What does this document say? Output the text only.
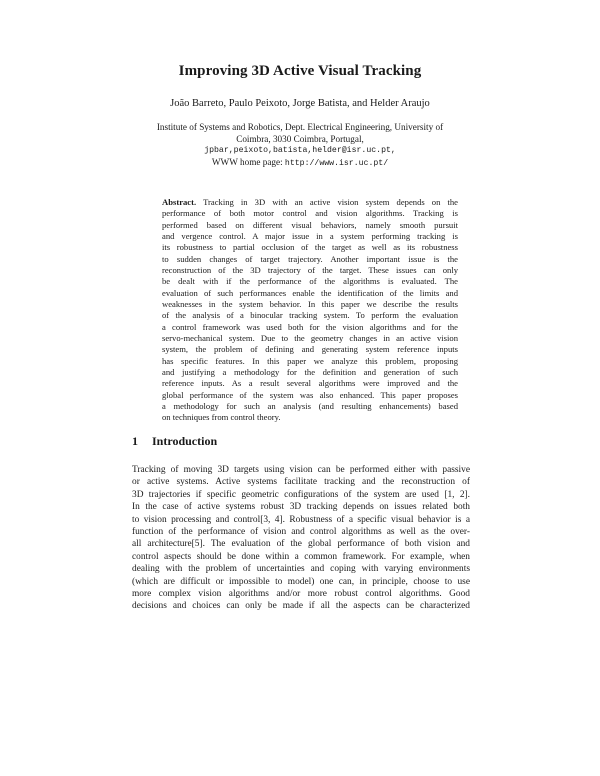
Improving 3D Active Visual Tracking
João Barreto, Paulo Peixoto, Jorge Batista, and Helder Araujo
Institute of Systems and Robotics, Dept. Electrical Engineering, University of
Coimbra, 3030 Coimbra, Portugal,
jpbar,peixoto,batista,helder@isr.uc.pt,
WWW home page: http://www.isr.uc.pt/
Abstract. Tracking in 3D with an active vision system depends on the
performance of both motor control and vision algorithms. Tracking is
performed based on different visual behaviors, namely smooth pursuit
and vergence control. A major issue in a system performing tracking is
its robustness to partial occlusion of the target as well as its robustness
to sudden changes of target trajectory. Another important issue is the
reconstruction of the 3D trajectory of the target. These issues can only
be dealt with if the performance of the algorithms is evaluated. The
evaluation of such performances enable the identification of the limits and
weaknesses in the system behavior. In this paper we describe the results
of the analysis of a binocular tracking system. To perform the evaluation
a control framework was used both for the vision algorithms and for the
servo-mechanical system. Due to the geometry changes in an active vision
system, the problem of defining and generating system reference inputs
has specific features. In this paper we analyze this problem, proposing
and justifying a methodology for the definition and generation of such
reference inputs. As a result several algorithms were improved and the
global performance of the system was also enhanced. This paper proposes
a methodology for such an analysis (and resulting enhancements) based
on techniques from control theory.
1 Introduction
Tracking of moving 3D targets using vision can be performed either with passive
or active systems. Active systems facilitate tracking and the reconstruction of
3D trajectories if specific geometric configurations of the system are used [1, 2].
In the case of active systems robust 3D tracking depends on issues related both
to vision processing and control[3, 4]. Robustness of a specific visual behavior is a
function of the performance of vision and control algorithms as well as the over-
all architecture[5]. The evaluation of the global performance of both vision and
control aspects should be done within a common framework. For example, when
dealing with the problem of uncertainties and coping with varying environments
(which are difficult or impossible to model) one can, in principle, choose to use
more complex vision algorithms and/or more robust control algorithms. Good
decisions and choices can only be made if all the aspects can be characterized
